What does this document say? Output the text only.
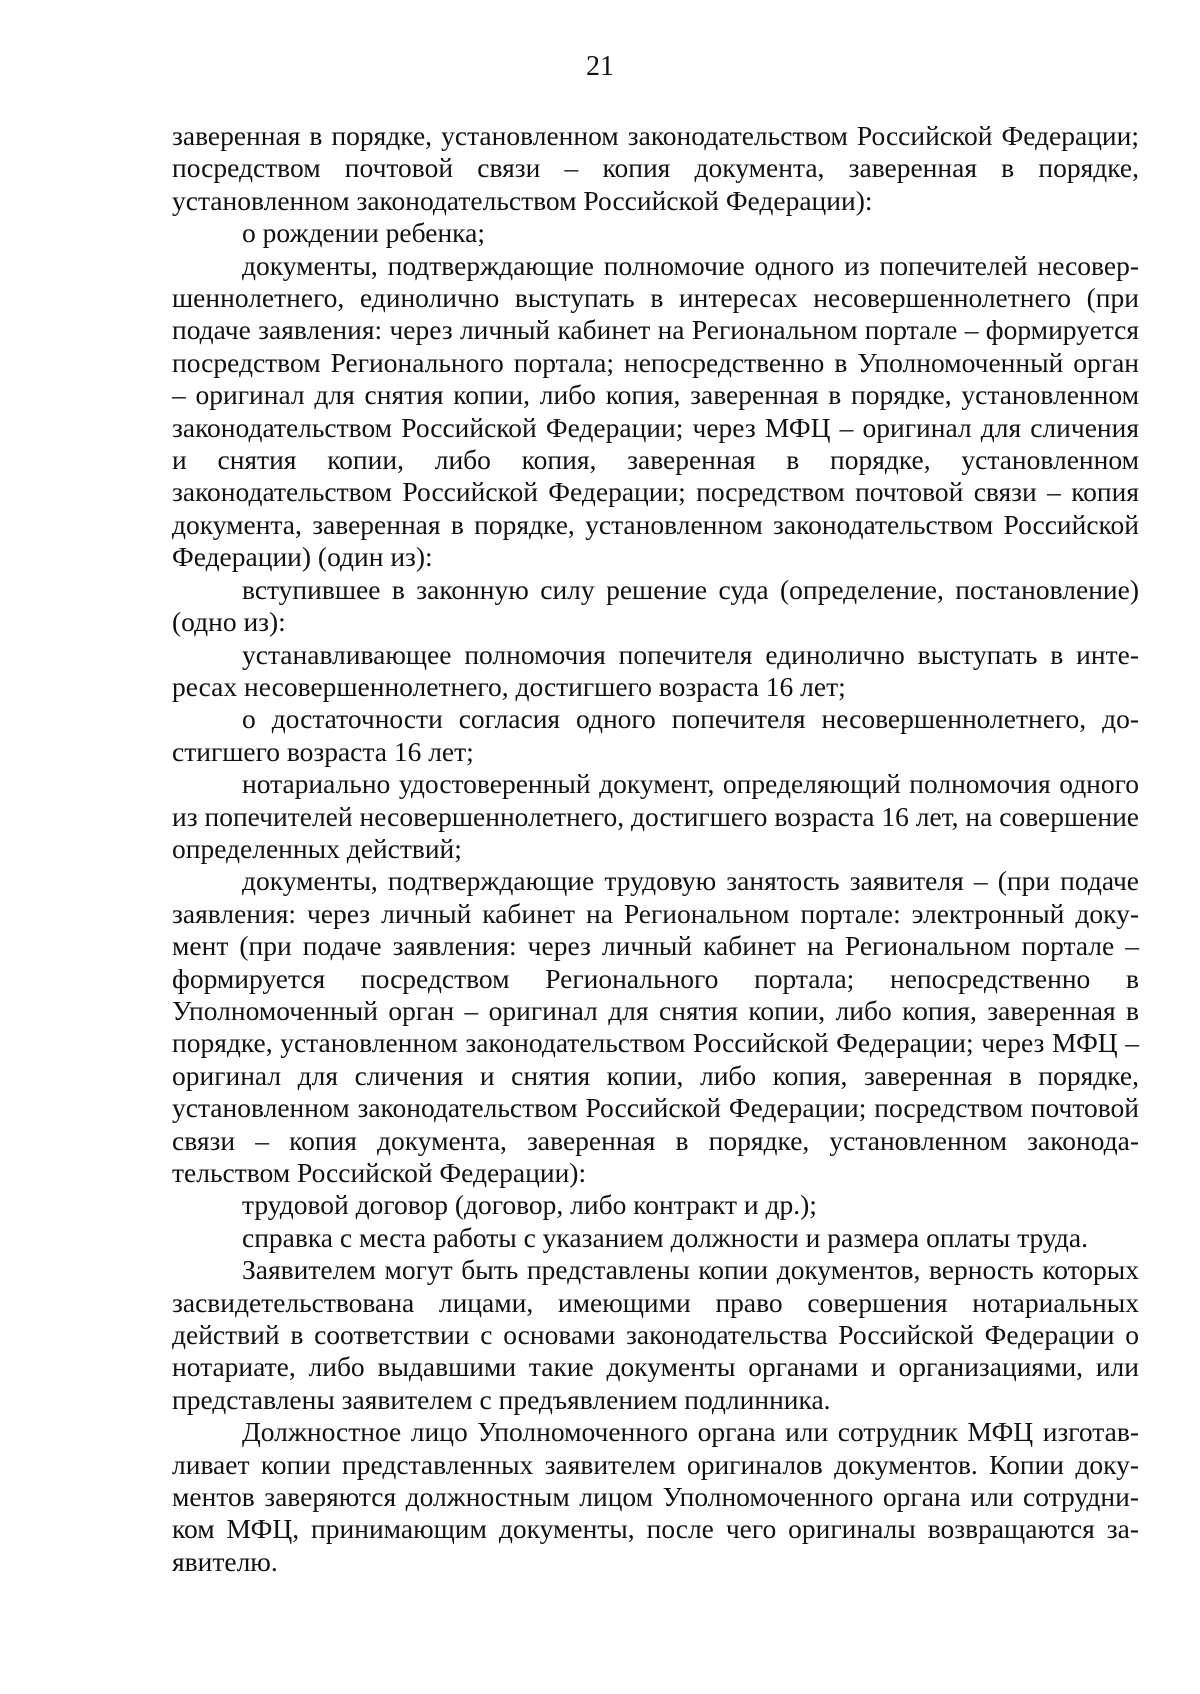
21

заверенная в порядке, установленном законодательством Российской Федерации; посредством почтовой связи – копия документа, заверенная в порядке, установленном законодательством Российской Федерации):

о рождении ребенка;

документы, подтверждающие полномочие одного из попечителей несовершеннолетнего, единолично выступать в интересах несовершеннолетнего (при подаче заявления: через личный кабинет на Региональном портале – формируется посредством Регионального портала; непосредственно в Уполномоченный орган – оригинал для снятия копии, либо копия, заверенная в порядке, установленном законодательством Российской Федерации; через МФЦ – оригинал для сличения и снятия копии, либо копия, заверенная в порядке, установленном законодательством Российской Федерации; посредством почтовой связи – копия документа, заверенная в порядке, установленном законодательством Российской Федерации) (один из):

вступившее в законную силу решение суда (определение, постановление) (одно из):

устанавливающее полномочия попечителя единолично выступать в интересах несовершеннолетнего, достигшего возраста 16 лет;

о достаточности согласия одного попечителя несовершеннолетнего, достигшего возраста 16 лет;

нотариально удостоверенный документ, определяющий полномочия одного из попечителей несовершеннолетнего, достигшего возраста 16 лет, на совершение определенных действий;

документы, подтверждающие трудовую занятость заявителя – (при подаче заявления: через личный кабинет на Региональном портале: электронный документ (при подаче заявления: через личный кабинет на Региональном портале – формируется посредством Регионального портала; непосредственно в Уполномоченный орган – оригинал для снятия копии, либо копия, заверенная в порядке, установленном законодательством Российской Федерации; через МФЦ – оригинал для сличения и снятия копии, либо копия, заверенная в порядке, установленном законодательством Российской Федерации; посредством почтовой связи – копия документа, заверенная в порядке, установленном законодательством Российской Федерации):

трудовой договор (договор, либо контракт и др.);

справка с места работы с указанием должности и размера оплаты труда.

Заявителем могут быть представлены копии документов, верность которых засвидетельствована лицами, имеющими право совершения нотариальных действий в соответствии с основами законодательства Российской Федерации о нотариате, либо выдавшими такие документы органами и организациями, или представлены заявителем с предъявлением подлинника.

Должностное лицо Уполномоченного органа или сотрудник МФЦ изготавливает копии представленных заявителем оригиналов документов. Копии документов заверяются должностным лицом Уполномоченного органа или сотрудником МФЦ, принимающим документы, после чего оригиналы возвращаются заявителю.
